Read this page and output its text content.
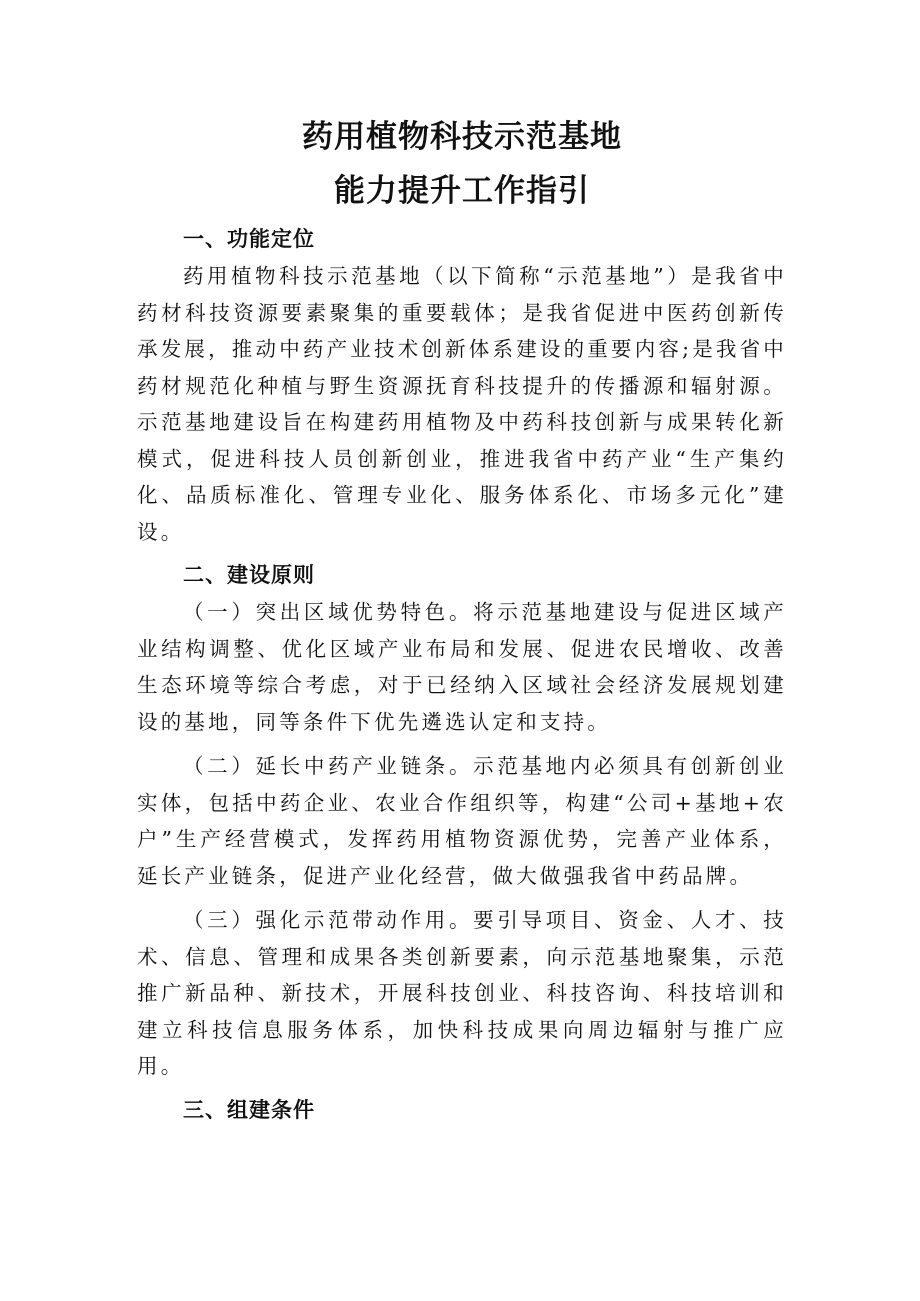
药用植物科技示范基地
能力提升工作指引
一、功能定位

药用植物科技示范基地（以下简称“示范基地”）是我省中药材科技资源要素聚集的重要载体；是我省促进中医药创新传承发展，推动中药产业技术创新体系建设的重要内容;是我省中药材规范化种植与野生资源抚育科技提升的传播源和辐射源。示范基地建设旨在构建药用植物及中药科技创新与成果转化新模式，促进科技人员创新创业，推进我省中药产业“生产集约化、品质标准化、管理专业化、服务体系化、市场多元化”建设。

二、建设原则

（一）突出区域优势特色。将示范基地建设与促进区域产业结构调整、优化区域产业布局和发展、促进农民增收、改善生态环境等综合考虑，对于已经纳入区域社会经济发展规划建设的基地，同等条件下优先遴选认定和支持。

（二）延长中药产业链条。示范基地内必须具有创新创业实体，包括中药企业、农业合作组织等，构建“公司+基地+农户”生产经营模式，发挥药用植物资源优势，完善产业体系，延长产业链条，促进产业化经营，做大做强我省中药品牌。

（三）强化示范带动作用。要引导项目、资金、人才、技术、信息、管理和成果各类创新要素，向示范基地聚集，示范推广新品种、新技术，开展科技创业、科技咨询、科技培训和建立科技信息服务体系，加快科技成果向周边辐射与推广应用。

三、组建条件
